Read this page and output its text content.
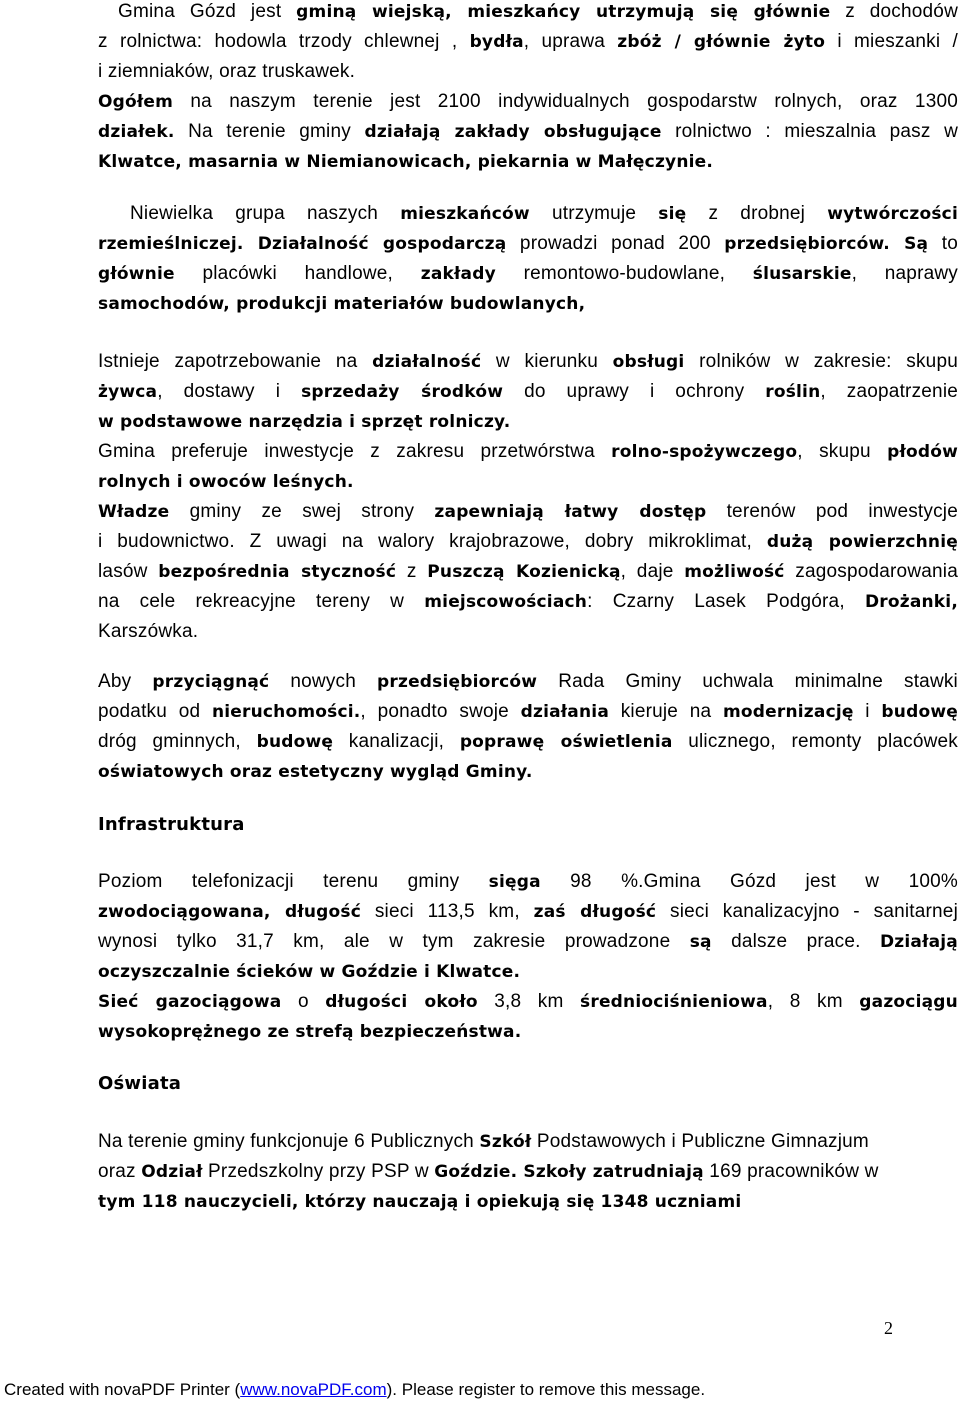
Gmina Gózd jest gminą wiejską, mieszkańcy utrzymują się głównie z dochodów
z rolnictwa: hodowla trzody chlewnej , bydła, uprawa zbóż / głównie żyto i mieszanki /
i ziemniaków, oraz truskawek.
Ogółem na naszym terenie jest 2100 indywidualnych gospodarstw rolnych, oraz 1300
działek. Na terenie gminy działają zakłady obsługujące rolnictwo : mieszalnia pasz w
Klwatce, masarnia w Niemianowicach, piekarnia w Małęczynie.
Niewielka grupa naszych mieszkańców utrzymuje się z drobnej wytwórczości
rzemieślniczej. Działalność gospodarczą prowadzi ponad 200 przedsiębiorców. Są to
głównie placówki handlowe, zakłady remontowo-budowlane, ślusarskie, naprawy
samochodów, produkcji materiałów budowlanych,
Istnieje zapotrzebowanie na działalność w kierunku obsługi rolników w zakresie: skupu
żywca, dostawy i sprzedaży środków do uprawy i ochrony roślin, zaopatrzenie
w podstawowe narzędzia i sprzęt rolniczy.
Gmina preferuje inwestycje z zakresu przetwórstwa rolno-spożywczego, skupu płodów
rolnych i owoców leśnych.
Władze gminy ze swej strony zapewniają łatwy dostęp terenów pod inwestycje
i budownictwo. Z uwagi na walory krajobrazowe, dobry mikroklimat, dużą powierzchnię
lasów bezpośrednia styczność z Puszczą Kozienicką, daje możliwość zagospodarowania
na cele rekreacyjne tereny w miejscowościach: Czarny Lasek Podgóra, Drożanki,
Karszówka.
Aby przyciągnąć nowych przedsiębiorców Rada Gminy uchwala minimalne stawki
podatku od nieruchomości., ponadto swoje działania kieruje na modernizację i budowę
dróg gminnych, budowę kanalizacji, poprawę oświetlenia ulicznego, remonty placówek
oświatowych oraz estetyczny wygląd Gminy.
Infrastruktura
Poziom telefonizacji terenu gminy sięga 98 %.Gmina Gózd jest w 100%
zwodociągowana, długość sieci 113,5 km, zaś długość sieci kanalizacyjno - sanitarnej
wynosi tylko 31,7 km, ale w tym zakresie prowadzone są dalsze prace. Działają
oczyszczalnie ścieków w Goździe i Klwatce.
Sieć gazociągowa o długości około 3,8 km średniociśnieniowa, 8 km gazociągu
wysokoprężnego ze strefą bezpieczeństwa.
Oświata
Na terenie gminy funkcjonuje 6 Publicznych Szkół Podstawowych i Publiczne Gimnazjum
oraz Odział Przedszkolny przy PSP w Goździe. Szkoły zatrudniają 169 pracowników w
tym 118 nauczycieli, którzy nauczają i opiekują się 1348 uczniami
2
Created with novaPDF Printer (www.novaPDF.com). Please register to remove this message.
